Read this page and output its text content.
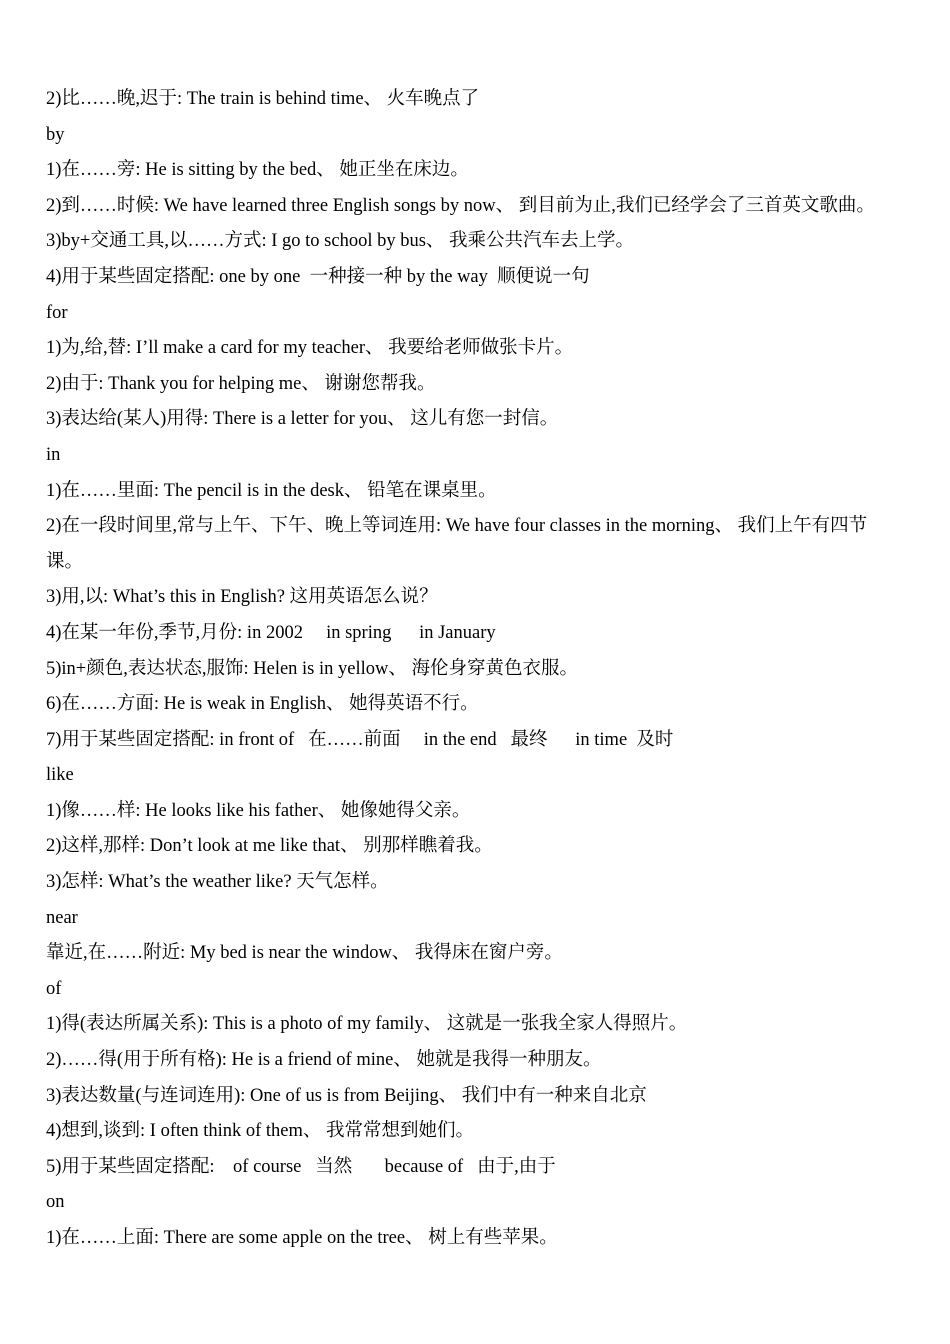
2)比……晚,迟于: The train is behind time、 火车晚点了
by
1)在……旁: He is sitting by the bed、 她正坐在床边。
2)到……时候: We have learned three English songs by now、 到目前为止,我们已经学会了三首英文歌曲。
3)by+交通工具,以……方式: I go to school by bus、 我乘公共汽车去上学。
4)用于某些固定搭配: one by one  一种接一种 by the way  顺便说一句
for
1)为,给,替: I’ll make a card for my teacher、 我要给老师做张卡片。
2)由于: Thank you for helping me、 谢谢您帮我。
3)表达给(某人)用得: There is a letter for you、 这儿有您一封信。
in
1)在……里面: The pencil is in the desk、 铅笔在课桌里。
2)在一段时间里,常与上午、下午、晚上等词连用: We have four classes in the morning、 我们上午有四节
课。
3)用,以: What’s this in English? 这用英语怎么说？
4)在某一年份,季节,月份: in 2002     in spring      in January
5)in+颜色,表达状态,服饰: Helen is in yellow、 海伦身穿黄色衣服。
6)在……方面: He is weak in English、 她得英语不行。
7)用于某些固定搭配: in front of   在……前面     in the end   最终      in time  及时
like
1)像……样: He looks like his father、 她像她得父亲。
2)这样,那样: Don’t look at me like that、 别那样瞧着我。
3)怎样: What’s the weather like? 天气怎样。
near
靠近,在……附近: My bed is near the window、 我得床在窗户旁。
of
1)得(表达所属关系): This is a photo of my family、 这就是一张我全家人得照片。
2)……得(用于所有格): He is a friend of mine、 她就是我得一种朋友。
3)表达数量(与连词连用): One of us is from Beijing、 我们中有一种来自北京
4)想到,谈到: I often think of them、 我常常想到她们。
5)用于某些固定搭配:    of course   当然       because of   由于,由于
on
1)在……上面: There are some apple on the tree、 树上有些苹果。
